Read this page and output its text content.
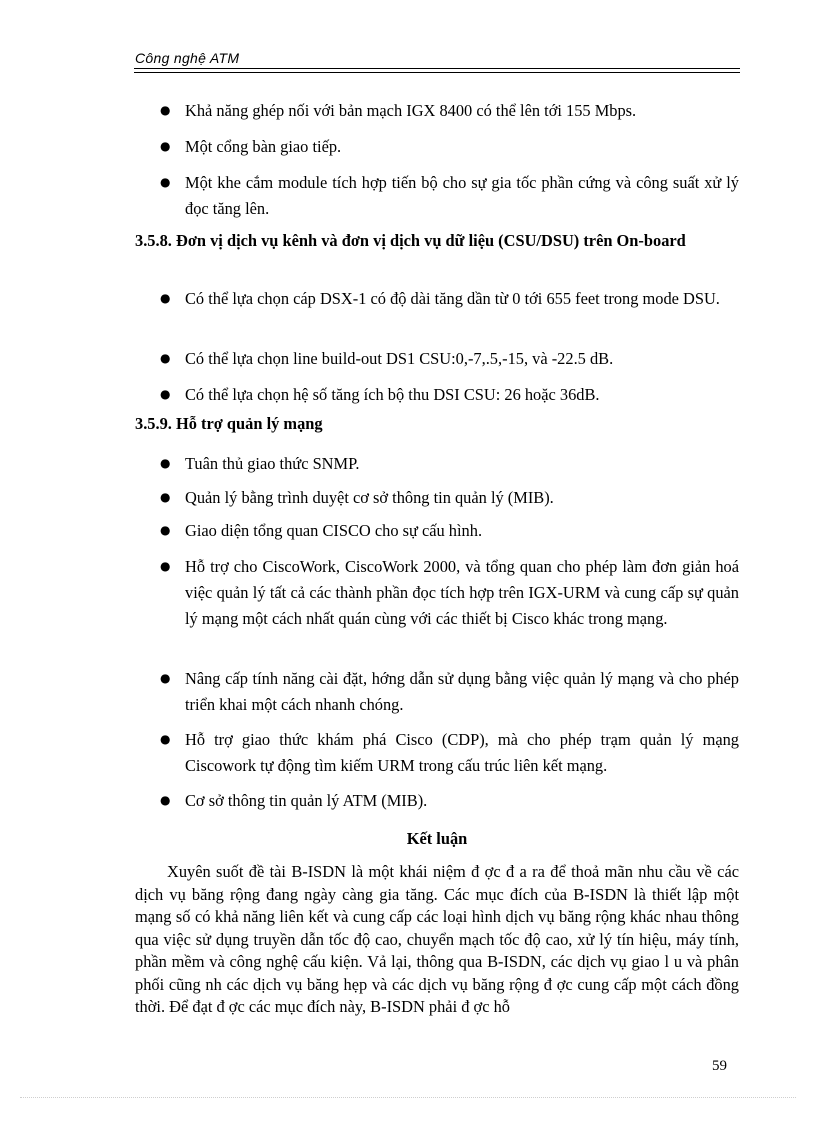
Công nghệ ATM
● Khả năng ghép nối với bản mạch IGX 8400 có thể lên tới 155 Mbps.
● Một cổng bàn giao tiếp.
● Một khe cắm module tích hợp tiến bộ cho sự gia tốc phần cứng và công suất xử lý đọc tăng lên.
3.5.8. Đơn vị dịch vụ kênh và đơn vị dịch vụ dữ liệu (CSU/DSU) trên On-board
● Có thể lựa chọn cáp DSX-1 có độ dài tăng dần từ 0 tới 655 feet trong mode DSU.
● Có thể lựa chọn line build-out DS1 CSU:0,-7,.5,-15, và -22.5 dB.
● Có thể lựa chọn hệ số tăng ích bộ thu DSI CSU: 26 hoặc 36dB.
3.5.9. Hỗ trợ quản lý mạng
● Tuân thủ giao thức SNMP.
● Quản lý bằng trình duyệt cơ sở thông tin quản lý (MIB).
● Giao diện tổng quan CISCO cho sự cấu hình.
● Hỗ trợ cho CiscoWork, CiscoWork 2000, và tổng quan cho phép làm đơn giản hoá việc quản lý tất cả các thành phần đọc tích hợp trên IGX-URM và cung cấp sự quản lý mạng một cách nhất quán cùng với các thiết bị Cisco khác trong mạng.
● Nâng cấp tính năng cài đặt, hớng dẫn sử dụng bằng việc quản lý mạng và cho phép triển khai một cách nhanh chóng.
● Hỗ trợ giao thức khám phá Cisco (CDP), mà cho phép trạm quản lý mạng Ciscowork tự động tìm kiếm URM trong cấu trúc liên kết mạng.
● Cơ sở thông tin quản lý ATM (MIB).
Kết luận
Xuyên suốt đề tài B-ISDN là một khái niệm đ ợc đ a ra để thoả mãn nhu cầu về các dịch vụ băng rộng đang ngày càng gia tăng. Các mục đích của B-ISDN là thiết lập một mạng số có khả năng liên kết và cung cấp các loại hình dịch vụ băng rộng khác nhau thông qua việc sử dụng truyền dẫn tốc độ cao, chuyển mạch tốc độ cao, xử lý tín hiệu, máy tính, phần mềm và công nghệ cấu kiện. Vả lại, thông qua B-ISDN, các dịch vụ giao l u và phân phối cũng nh các dịch vụ băng hẹp và các dịch vụ băng rộng đ ợc cung cấp một cách đồng thời. Để đạt đ ợc các mục đích này, B-ISDN phải đ ợc hỗ
59
